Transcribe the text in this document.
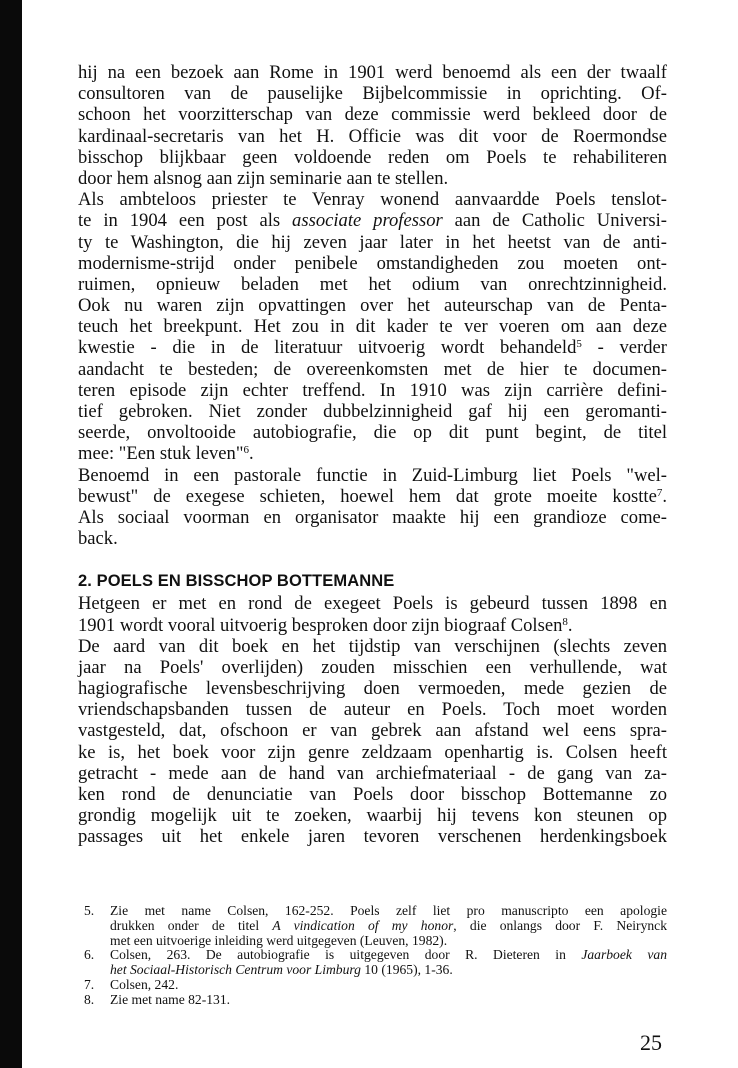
hij na een bezoek aan Rome in 1901 werd benoemd als een der twaalf
consultoren van de pauselijke Bijbelcommissie in oprichting. Of-
schoon het voorzitterschap van deze commissie werd bekleed door de
kardinaal-secretaris van het H. Officie was dit voor de Roermondse
bisschop blijkbaar geen voldoende reden om Poels te rehabiliteren
door hem alsnog aan zijn seminarie aan te stellen.
Als ambteloos priester te Venray wonend aanvaardde Poels tenslot-
te in 1904 een post als associate professor aan de Catholic Universi-
ty te Washington, die hij zeven jaar later in het heetst van de anti-
modernisme-strijd onder penibele omstandigheden zou moeten ont-
ruimen, opnieuw beladen met het odium van onrechtzinnigheid.
Ook nu waren zijn opvattingen over het auteurschap van de Penta-
teuch het breekpunt. Het zou in dit kader te ver voeren om aan deze
kwestie - die in de literatuur uitvoerig wordt behandeld$^5$ - verder
aandacht te besteden; de overeenkomsten met de hier te documen-
teren episode zijn echter treffend. In 1910 was zijn carrière defini-
tief gebroken. Niet zonder dubbelzinnigheid gaf hij een geromanti-
seerde, onvoltooide autobiografie, die op dit punt begint, de titel
mee: "Een stuk leven"$^6$.
Benoemd in een pastorale functie in Zuid-Limburg liet Poels "wel-
bewust" de exegese schieten, hoewel hem dat grote moeite kostte$^7$.
Als sociaal voorman en organisator maakte hij een grandioze come-
back.
2. POELS EN BISSCHOP BOTTEMANNE
Hetgeen er met en rond de exegeet Poels is gebeurd tussen 1898 en
1901 wordt vooral uitvoerig besproken door zijn biograaf Colsen$^8$.
De aard van dit boek en het tijdstip van verschijnen (slechts zeven
jaar na Poels' overlijden) zouden misschien een verhullende, wat
hagiografische levensbeschrijving doen vermoeden, mede gezien de
vriendschapsbanden tussen de auteur en Poels. Toch moet worden
vastgesteld, dat, ofschoon er van gebrek aan afstand wel eens spra-
ke is, het boek voor zijn genre zeldzaam openhartig is. Colsen heeft
getracht - mede aan de hand van archiefmateriaal - de gang van za-
ken rond de denunciatie van Poels door bisschop Bottemanne zo
grondig mogelijk uit te zoeken, waarbij hij tevens kon steunen op
passages uit het enkele jaren tevoren verschenen herdenkingsboek
5.	Zie met name Colsen, 162-252. Poels zelf liet pro manuscripto een apologie
drukken onder de titel A vindication of my honor, die onlangs door F. Neirynck
met een uitvoerige inleiding werd uitgegeven (Leuven, 1982).
6.	Colsen, 263. De autobiografie is uitgegeven door R. Dieteren in Jaarboek van
het Sociaal-Historisch Centrum voor Limburg 10 (1965), 1-36.
7.	Colsen, 242.
8.	Zie met name 82-131.
25
